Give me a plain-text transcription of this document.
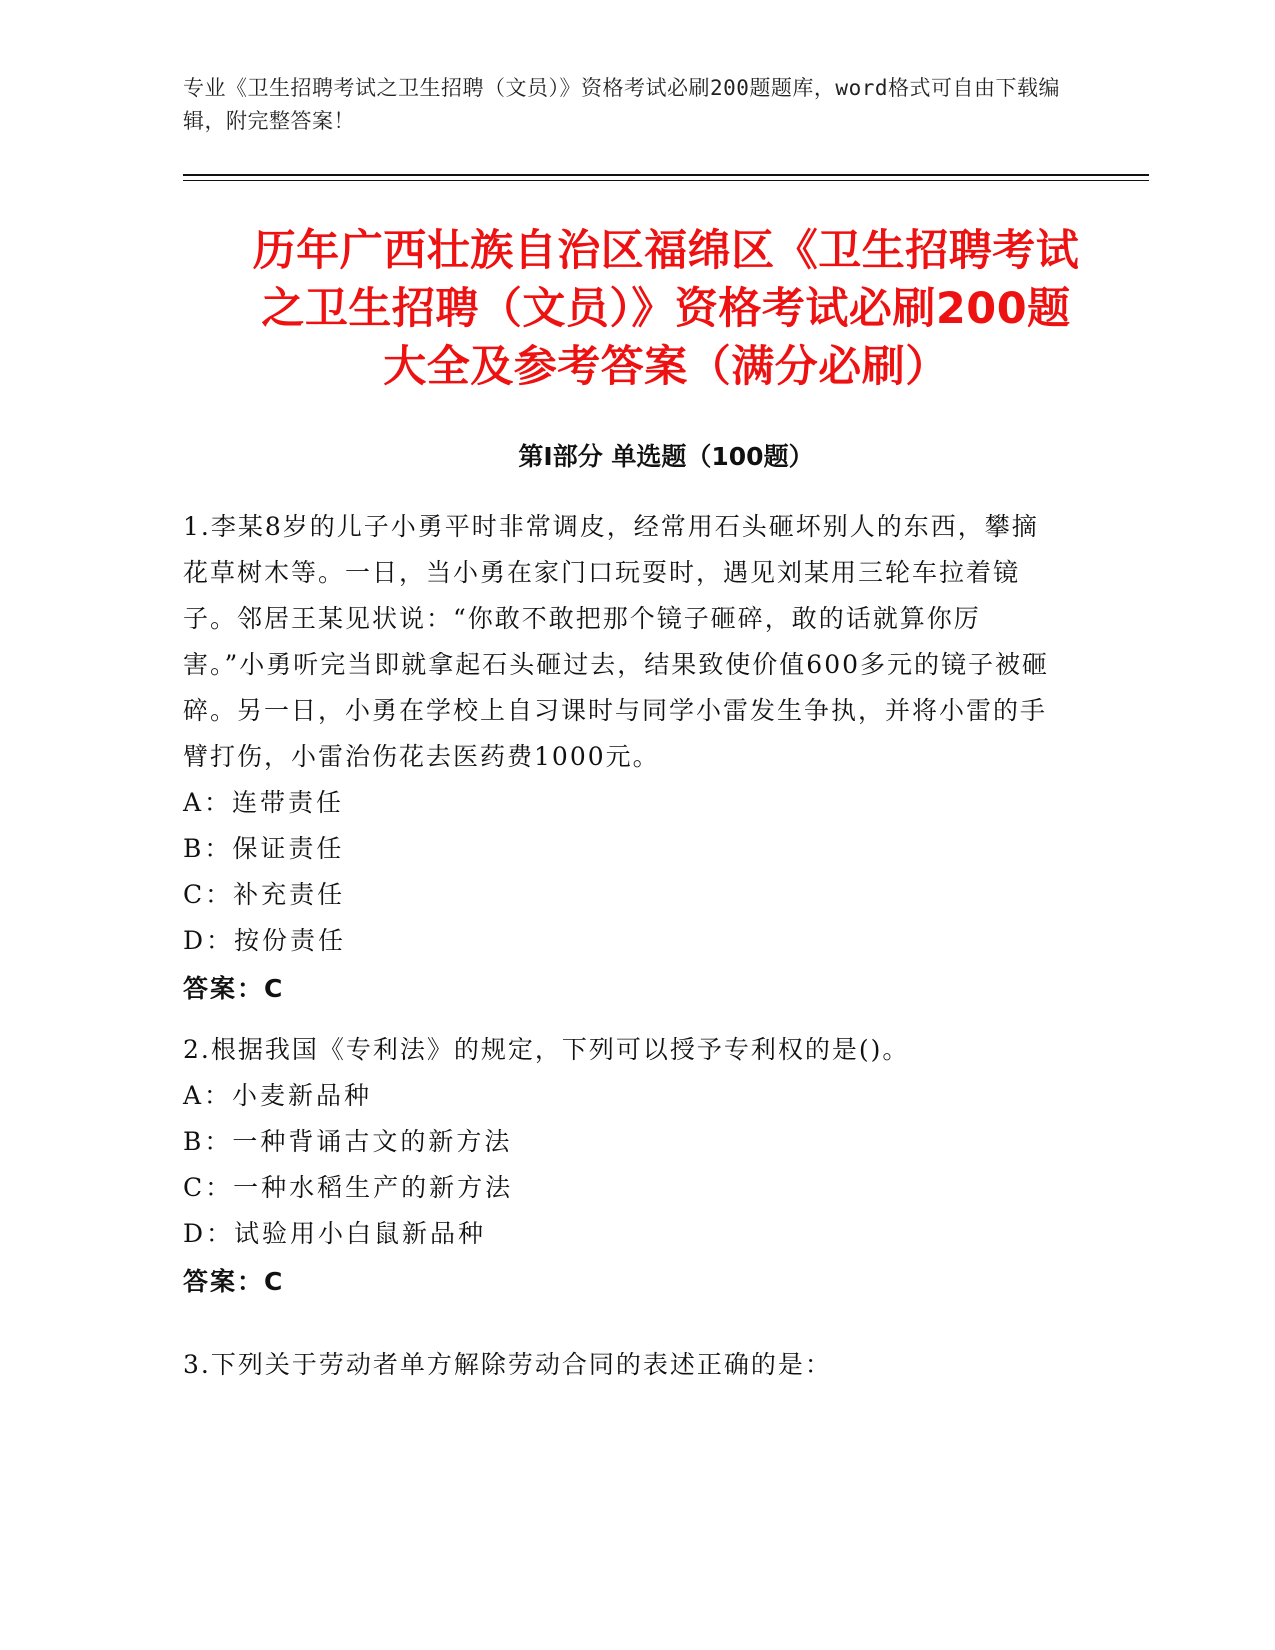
专业《卫生招聘考试之卫生招聘（文员）》资格考试必刷200题题库，word格式可自由下载编辑，附完整答案！
历年广西壮族自治区福绵区《卫生招聘考试
之卫生招聘（文员）》资格考试必刷200题
大全及参考答案（满分必刷）
第Ⅰ部分 单选题（100题）
1.李某8岁的儿子小勇平时非常调皮，经常用石头砸坏别人的东西，攀摘花草树木等。一日，当小勇在家门口玩耍时，遇见刘某用三轮车拉着镜子。邻居王某见状说：“你敢不敢把那个镜子砸碎，敢的话就算你厉害。”小勇听完当即就拿起石头砸过去，结果致使价值600多元的镜子被砸碎。另一日，小勇在学校上自习课时与同学小雷发生争执，并将小雷的手臂打伤，小雷治伤花去医药费1000元。
A：连带责任
B：保证责任
C：补充责任
D：按份责任
答案：C
2.根据我国《专利法》的规定，下列可以授予专利权的是()。
A：小麦新品种
B：一种背诵古文的新方法
C：一种水稻生产的新方法
D：试验用小白鼠新品种
答案：C
3.下列关于劳动者单方解除劳动合同的表述正确的是：
